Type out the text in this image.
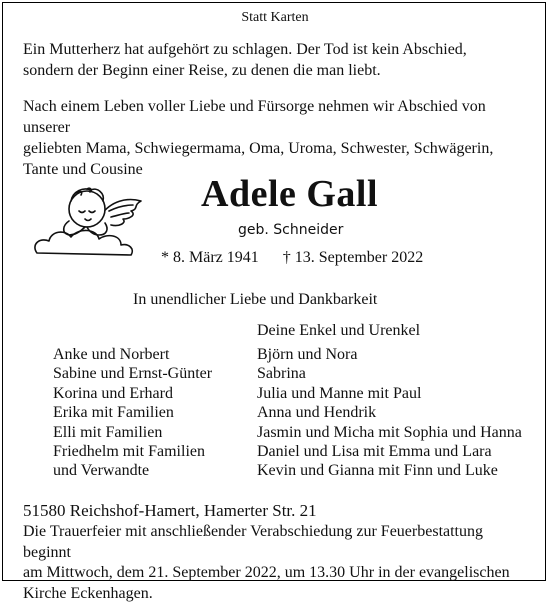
Statt Karten
Ein Mutterherz hat aufgehört zu schlagen. Der Tod ist kein Abschied,
sondern der Beginn einer Reise, zu denen die man liebt.
Nach einem Leben voller Liebe und Fürsorge nehmen wir Abschied von unserer
geliebten Mama, Schwiegermama, Oma, Uroma, Schwester, Schwägerin,
Tante und Cousine
Adele Gall
geb. Schneider
* 8. März 1941 † 13. September 2022
In unendlicher Liebe und Dankbarkeit
Deine Enkel und Urenkel
Anke und Norbert
Sabine und Ernst-Günter
Korina und Erhard
Erika mit Familien
Elli mit Familien
Friedhelm mit Familien
und Verwandte
Björn und Nora
Sabrina
Julia und Manne mit Paul
Anna und Hendrik
Jasmin und Micha mit Sophia und Hanna
Daniel und Lisa mit Emma und Lara
Kevin und Gianna mit Finn und Luke
51580 Reichshof-Hamert, Hamerter Str. 21
Die Trauerfeier mit anschließender Verabschiedung zur Feuerbestattung beginnt
am Mittwoch, dem 21. September 2022, um 13.30 Uhr in der evangelischen
Kirche Eckenhagen.
